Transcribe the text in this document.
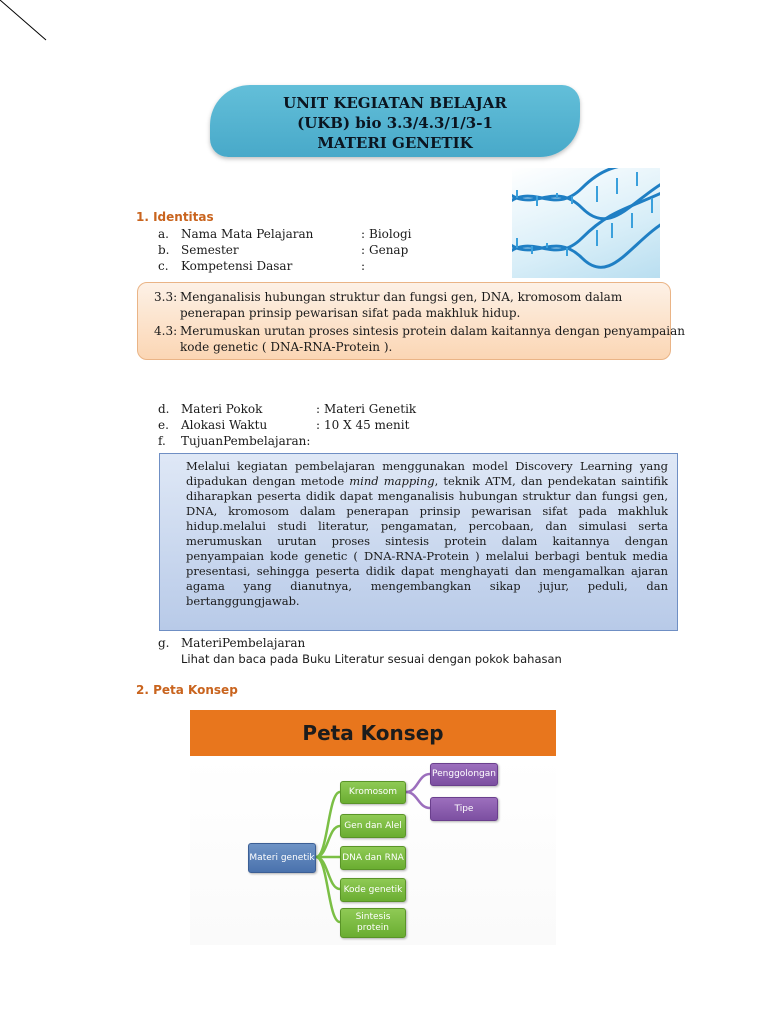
UNIT KEGIATAN BELAJAR
(UKB) bio 3.3/4.3/1/3-1
MATERI GENETIK
1. Identitas
a. Nama Mata Pelajaran	: Biologi
b. Semester	: Genap
c. Kompetensi Dasar	:
3.3: Menganalisis hubungan struktur dan fungsi gen, DNA, kromosom dalam penerapan prinsip pewarisan sifat pada makhluk hidup.
4.3: Merumuskan urutan proses sintesis protein dalam kaitannya dengan penyampaian kode genetic ( DNA-RNA-Protein ).
d. Materi Pokok	: Materi Genetik
e. Alokasi Waktu	: 10 X 45 menit
f. TujuanPembelajaran:
Melalui kegiatan pembelajaran menggunakan model Discovery Learning yang dipadukan dengan metode mind mapping, teknik ATM, dan pendekatan saintifik diharapkan peserta didik dapat menganalisis hubungan struktur dan fungsi gen, DNA, kromosom dalam penerapan prinsip pewarisan sifat pada makhluk hidup.melalui studi literatur, pengamatan, percobaan, dan simulasi serta merumuskan urutan proses sintesis protein dalam kaitannya dengan penyampaian kode genetic ( DNA-RNA-Protein ) melalui berbagi bentuk media presentasi, sehingga peserta didik dapat menghayati dan mengamalkan ajaran agama yang dianutnya, mengembangkan sikap jujur, peduli, dan bertanggungjawab.
g. MateriPembelajaran
Lihat dan baca pada Buku Literatur sesuai dengan pokok bahasan
2. Peta Konsep
Peta Konsep
Materi genetik
Kromosom
Gen dan Alel
DNA dan RNA
Kode genetik
Sintesis protein
Penggolongan
Tipe
